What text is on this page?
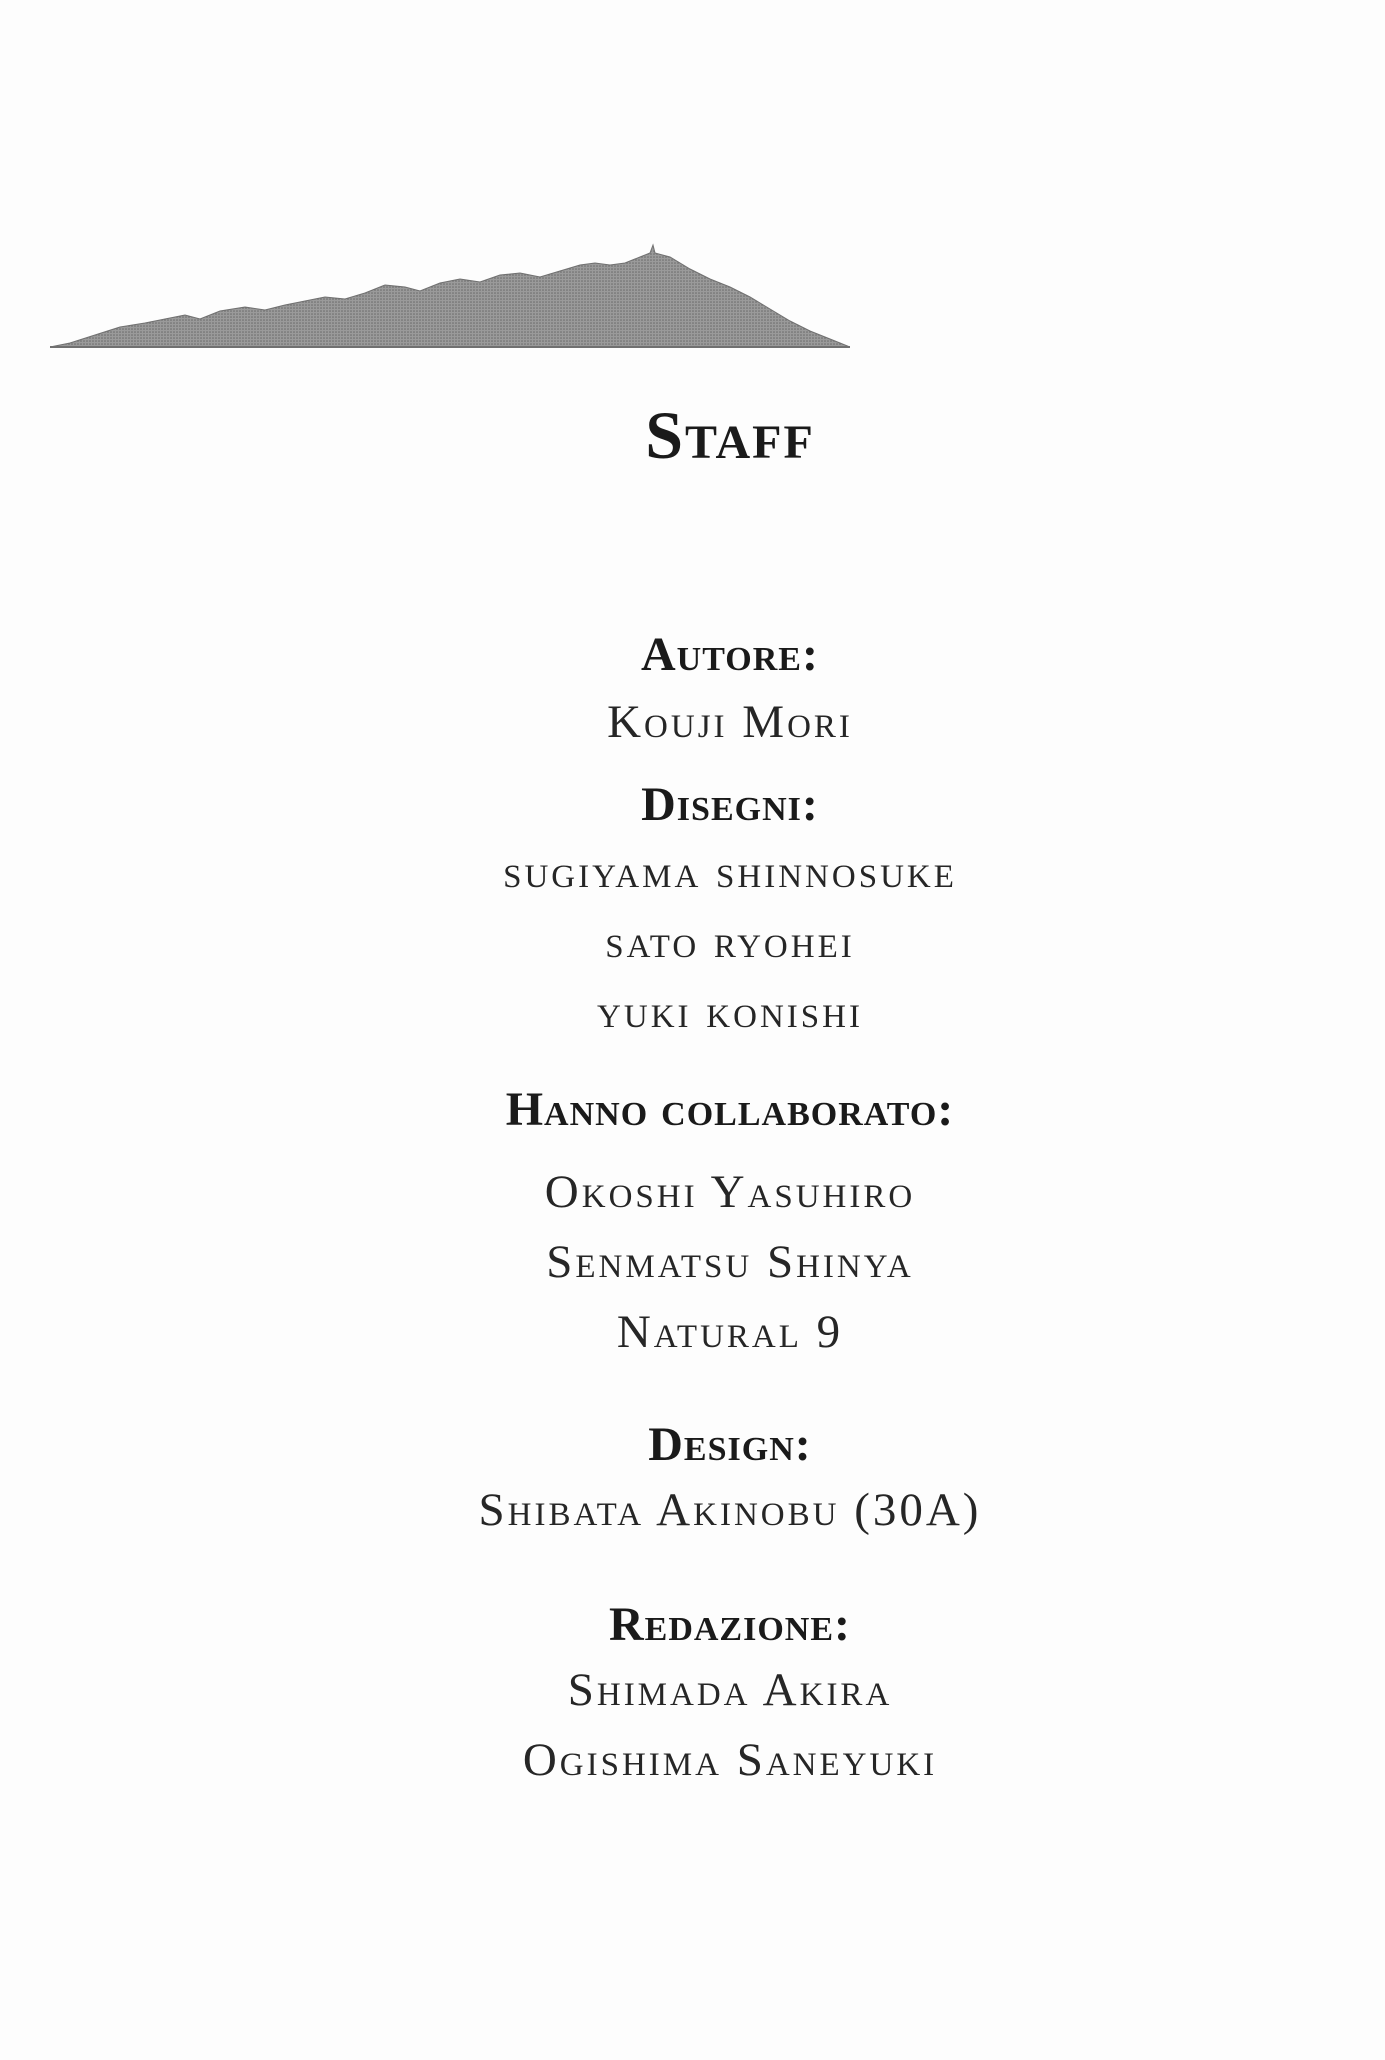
Staff
Autore:
Kouji Mori
Disegni:
sugiyama shinnosuke
sato ryohei
yuki konishi
Hanno collaborato:
Okoshi Yasuhiro
Senmatsu Shinya
Natural 9
Design:
Shibata Akinobu (30A)
Redazione:
Shimada Akira
Ogishima Saneyuki
